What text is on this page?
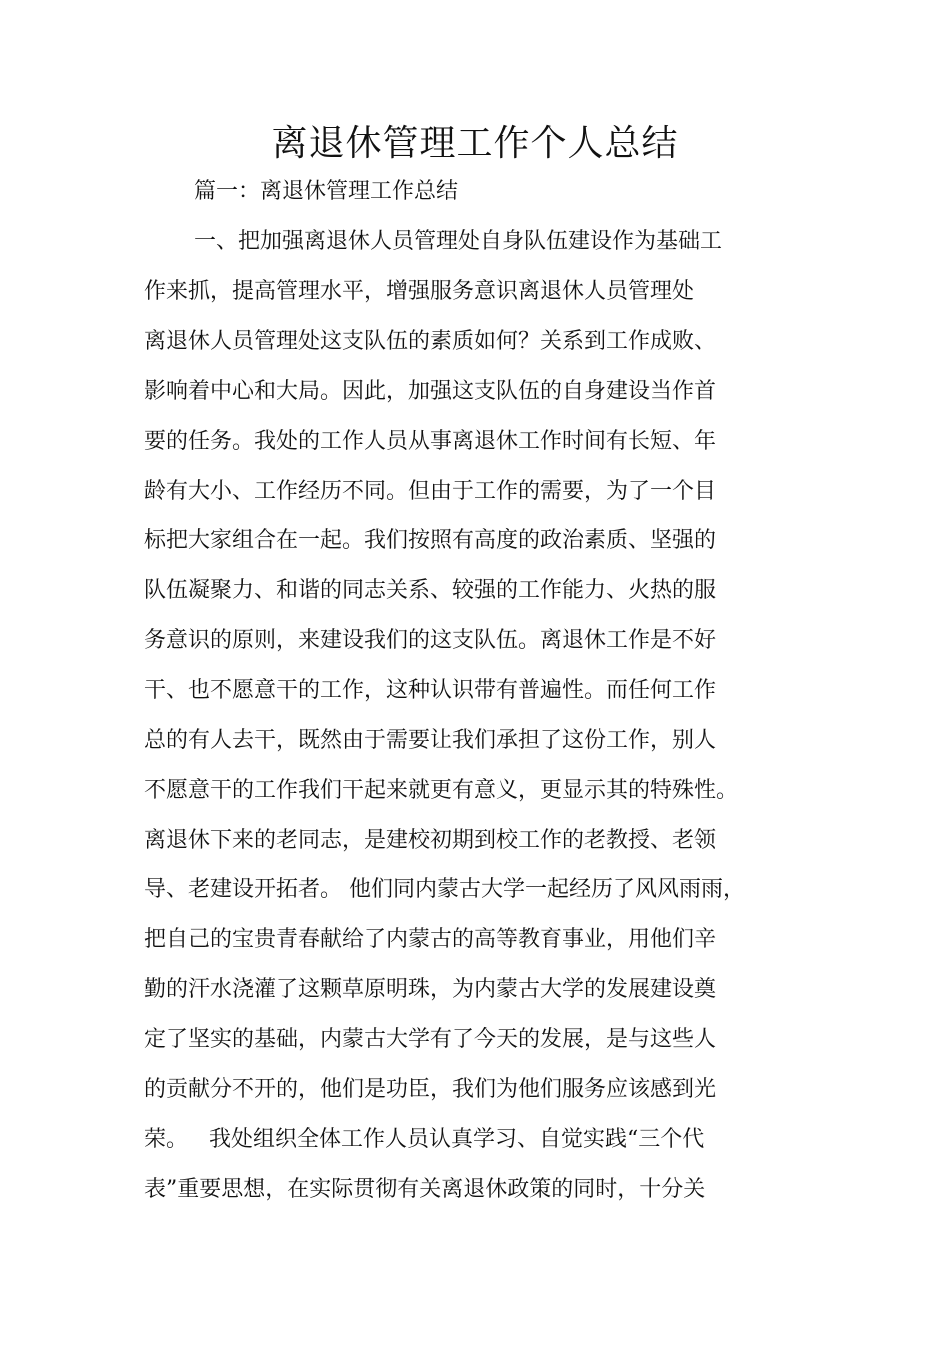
离退休管理工作个人总结
篇一：离退休管理工作总结
一、把加强离退休人员管理处自身队伍建设作为基础工
作来抓，提高管理水平，增强服务意识离退休人员管理处
离退休人员管理处这支队伍的素质如何？关系到工作成败、
影响着中心和大局。因此，加强这支队伍的自身建设当作首
要的任务。我处的工作人员从事离退休工作时间有长短、年
龄有大小、工作经历不同。但由于工作的需要，为了一个目
标把大家组合在一起。我们按照有高度的政治素质、坚强的
队伍凝聚力、和谐的同志关系、较强的工作能力、火热的服
务意识的原则，来建设我们的这支队伍。离退休工作是不好
干、也不愿意干的工作，这种认识带有普遍性。而任何工作
总的有人去干，既然由于需要让我们承担了这份工作，别人
不愿意干的工作我们干起来就更有意义，更显示其的特殊性。
离退休下来的老同志，是建校初期到校工作的老教授、老领
导、老建设开拓者。 他们同内蒙古大学一起经历了风风雨雨，
把自己的宝贵青春献给了内蒙古的高等教育事业，用他们辛
勤的汗水浇灌了这颗草原明珠，为内蒙古大学的发展建设奠
定了坚实的基础，内蒙古大学有了今天的发展，是与这些人
的贡献分不开的，他们是功臣，我们为他们服务应该感到光
荣。   我处组织全体工作人员认真学习、自觉实践“三个代
表”重要思想，在实际贯彻有关离退休政策的同时，十分关
